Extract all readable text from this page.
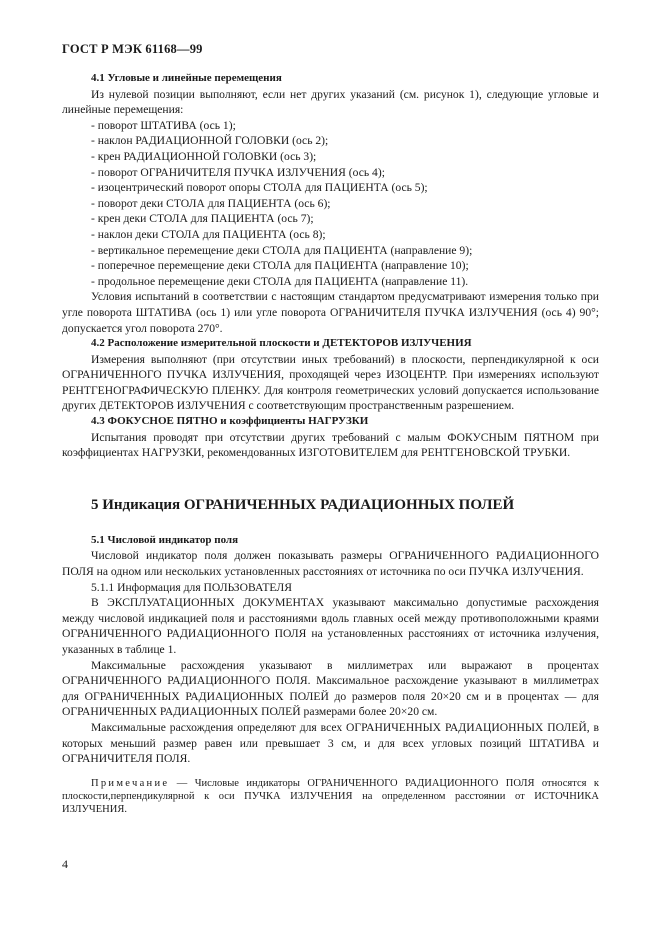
ГОСТ Р МЭК 61168—99

4.1 Угловые и линейные перемещения

Из нулевой позиции выполняют, если нет других указаний (см. рисунок 1), следующие угловые и линейные перемещения:

- поворот ШТАТИВА (ось 1);
- наклон РАДИАЦИОННОЙ ГОЛОВКИ (ось 2);
- крен РАДИАЦИОННОЙ ГОЛОВКИ (ось 3);
- поворот ОГРАНИЧИТЕЛЯ ПУЧКА ИЗЛУЧЕНИЯ (ось 4);
- изоцентрический поворот опоры СТОЛА для ПАЦИЕНТА (ось 5);
- поворот деки СТОЛА для ПАЦИЕНТА (ось 6);
- крен деки СТОЛА для ПАЦИЕНТА (ось 7);
- наклон деки СТОЛА для ПАЦИЕНТА (ось 8);
- вертикальное перемещение деки СТОЛА для ПАЦИЕНТА (направление 9);
- поперечное перемещение деки СТОЛА для ПАЦИЕНТА (направление 10);
- продольное перемещение деки СТОЛА для ПАЦИЕНТА (направление 11).

Условия испытаний в соответствии с настоящим стандартом предусматривают измерения только при угле поворота ШТАТИВА (ось 1) или угле поворота ОГРАНИЧИТЕЛЯ ПУЧКА ИЗЛУЧЕНИЯ (ось 4) 90°; допускается угол поворота 270°.

4.2 Расположение измерительной плоскости и ДЕТЕКТОРОВ ИЗЛУЧЕНИЯ

Измерения выполняют (при отсутствии иных требований) в плоскости, перпендикулярной к оси ОГРАНИЧЕННОГО ПУЧКА ИЗЛУЧЕНИЯ, проходящей через ИЗОЦЕНТР. При измерениях используют РЕНТГЕНОГРАФИЧЕСКУЮ ПЛЕНКУ. Для контроля геометрических условий допускается использование других ДЕТЕКТОРОВ ИЗЛУЧЕНИЯ с соответствующим пространственным разрешением.

4.3 ФОКУСНОЕ ПЯТНО и коэффициенты НАГРУЗКИ

Испытания проводят при отсутствии других требований с малым ФОКУСНЫМ ПЯТНОМ при коэффициентах НАГРУЗКИ, рекомендованных ИЗГОТОВИТЕЛЕМ для РЕНТГЕНОВСКОЙ ТРУБКИ.

5 Индикация ОГРАНИЧЕННЫХ РАДИАЦИОННЫХ ПОЛЕЙ

5.1 Числовой индикатор поля

Числовой индикатор поля должен показывать размеры ОГРАНИЧЕННОГО РАДИАЦИОННОГО ПОЛЯ на одном или нескольких установленных расстояниях от источника по оси ПУЧКА ИЗЛУЧЕНИЯ.

5.1.1 Информация для ПОЛЬЗОВАТЕЛЯ

В ЭКСПЛУАТАЦИОННЫХ ДОКУМЕНТАХ указывают максимально допустимые расхождения между числовой индикацией поля и расстояниями вдоль главных осей между противоположными краями ОГРАНИЧЕННОГО РАДИАЦИОННОГО ПОЛЯ на установленных расстояниях от источника излучения, указанных в таблице 1.

Максимальные расхождения указывают в миллиметрах или выражают в процентах ОГРАНИЧЕННОГО РАДИАЦИОННОГО ПОЛЯ. Максимальное расхождение указывают в миллиметрах для ОГРАНИЧЕННЫХ РАДИАЦИОННЫХ ПОЛЕЙ до размеров поля 20×20 см и в процентах — для ОГРАНИЧЕННЫХ РАДИАЦИОННЫХ ПОЛЕЙ размерами более 20×20 см.

Максимальные расхождения определяют для всех ОГРАНИЧЕННЫХ РАДИАЦИОННЫХ ПОЛЕЙ, в которых меньший размер равен или превышает 3 см, и для всех угловых позиций ШТАТИВА и ОГРАНИЧИТЕЛЯ ПОЛЯ.

Примечание — Числовые индикаторы ОГРАНИЧЕННОГО РАДИАЦИОННОГО ПОЛЯ относятся к плоскости,перпендикулярной к оси ПУЧКА ИЗЛУЧЕНИЯ на определенном расстоянии от ИСТОЧНИКА ИЗЛУЧЕНИЯ.

4
